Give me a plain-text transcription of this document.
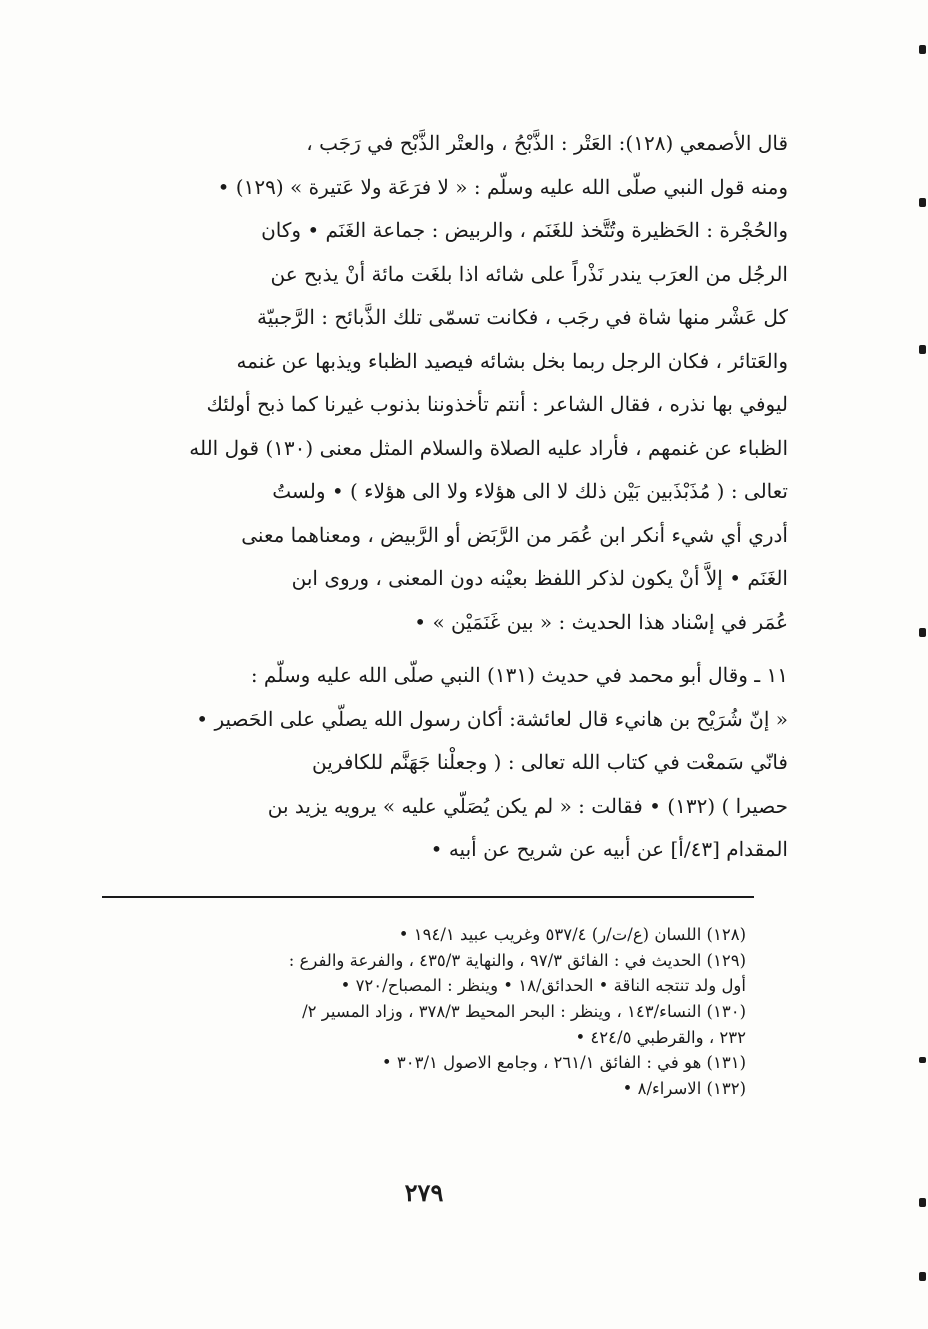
قال الأصمعي (١٢٨): العَتْر : الذَّبْحُ ، والعتْر الذَّبْح في رَجَب ،
ومنه قول النبي صلّى الله عليه وسلّم : « لا فرَعَة ولا عَتيرة » (١٢٩) •
والحُجْرة : الحَظيرة وتُتَّخذ للغَنَم ، والربيض : جماعة الغَنَم • وكان
الرجُل من العرَب يندر نَذْراً على شائه اذا بلغَت مائة أنْ يذبح عن
كل عَشْر منها شاة في رجَب ، فكانت تسمّى تلك الذَّبائح : الرَّجبيّة
والعَتائر ، فكان الرجل ربما بخل بشائه فيصيد الظباء ويذبها عن غنمه
ليوفي بها نذره ، فقال الشاعر : أنتم تأخذوننا بذنوب غيرنا كما ذبح أولئك
الظباء عن غنمهم ، فأراد عليه الصلاة والسلام المثل معنى (١٣٠) قول الله
تعالى : ( مُذَبْذَبين بَيْن ذلك لا الى هؤلاء ولا الى هؤلاء ) • ولستُ
أدري أي شيء أنكر ابن عُمَر من الرَّبَض أو الرَّبيض ، ومعناهما معنى
الغَنَم • إلاَّ أنْ يكون لذكر اللفظ بعيْنه دون المعنى ، وروى ابن
عُمَر في إسْناد هذا الحديث : « بين غَنَمَيْن » •
١١ ـ وقال أبو محمد في حديث (١٣١) النبي صلّى الله عليه وسلّم :
« إنّ شُرَيْح بن هانيء قال لعائشة: أكان رسول الله يصلّي على الحَصير •
فانّي سَمعْت في كتاب الله تعالى : ( وجعلْنا جَهَنَّم للكافرين
حصيرا ) (١٣٢) • فقالت : « لم يكن يُصَلّي عليه » يرويه يزيد بن
المقدام [٤٣/أ] عن أبيه عن شريح عن أبيه •
(١٢٨) اللسان (ع/ت/ر) ٥٣٧/٤ وغريب عبيد ١٩٤/١ •
(١٢٩) الحديث في : الفائق ٩٧/٣ ، والنهاية ٤٣٥/٣ ، والفرعة والفرع :
أول ولد تنتجه الناقة • الحدائق/١٨ • وينظر : المصباح/٧٢٠ •
(١٣٠) النساء/١٤٣ ، وينظر : البحر المحيط ٣٧٨/٣ ، وزاد المسير ٢/
٢٣٢ ، والقرطبي ٤٢٤/٥ •
(١٣١) هو في : الفائق ٢٦١/١ ، وجامع الاصول ٣٠٣/١ •
(١٣٢) الاسراء/٨ •
٢٧٩
